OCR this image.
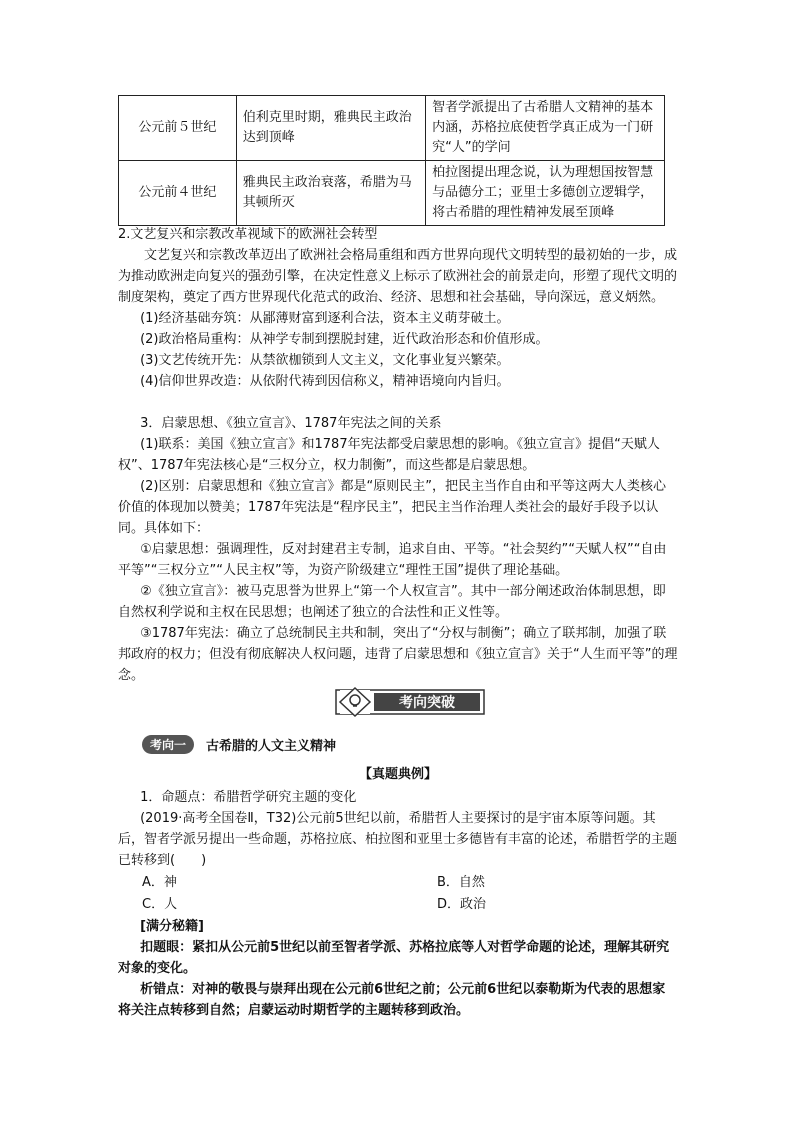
公元前５世纪	伯利克里时期，雅典民主政治达到顶峰	智者学派提出了古希腊人文精神的基本内涵，苏格拉底使哲学真正成为一门研究“人”的学问
公元前４世纪	雅典民主政治衰落，希腊为马其顿所灭	柏拉图提出理念说，认为理想国按智慧与品德分工；亚里士多德创立逻辑学，将古希腊的理性精神发展至顶峰

2.文艺复兴和宗教改革视域下的欧洲社会转型

文艺复兴和宗教改革迈出了欧洲社会格局重组和西方世界向现代文明转型的最初始的一步，成为推动欧洲走向复兴的强劲引擎，在决定性意义上标示了欧洲社会的前景走向，形塑了现代文明的制度架构，奠定了西方世界现代化范式的政治、经济、思想和社会基础，导向深远，意义炳然。

(1)经济基础夯筑：从鄙薄财富到逐利合法，资本主义萌芽破土。

(2)政治格局重构：从神学专制到摆脱封建，近代政治形态和价值形成。

(3)文艺传统开先：从禁欲枷锁到人文主义，文化事业复兴繁荣。

(4)信仰世界改造：从依附代祷到因信称义，精神语境向内旨归。

3．启蒙思想、《独立宣言》、1787年宪法之间的关系

(1)联系：美国《独立宣言》和1787年宪法都受启蒙思想的影响。《独立宣言》提倡“天赋人权”、1787年宪法核心是“三权分立，权力制衡”，而这些都是启蒙思想。

(2)区别：启蒙思想和《独立宣言》都是“原则民主”，把民主当作自由和平等这两大人类核心价值的体现加以赞美；1787年宪法是“程序民主”，把民主当作治理人类社会的最好手段予以认同。具体如下：

①启蒙思想：强调理性，反对封建君主专制，追求自由、平等。“社会契约”“天赋人权”“自由平等”“三权分立”“人民主权”等，为资产阶级建立“理性王国”提供了理论基础。

②《独立宣言》：被马克思誉为世界上“第一个人权宣言”。其中一部分阐述政治体制思想，即自然权利学说和主权在民思想；也阐述了独立的合法性和正义性等。

③1787年宪法：确立了总统制民主共和制，突出了“分权与制衡”；确立了联邦制，加强了联邦政府的权力；但没有彻底解决人权问题，违背了启蒙思想和《独立宣言》关于“人生而平等”的理念。

考向突破
考向一	古希腊的人文主义精神
【真题典例】

1．命题点：希腊哲学研究主题的变化

(2019·高考全国卷Ⅱ，T32)公元前5世纪以前，希腊哲人主要探讨的是宇宙本原等问题。其后，智者学派另提出一些命题，苏格拉底、柏拉图和亚里士多德皆有丰富的论述，希腊哲学的主题已转移到(　　)

A．神	B．自然
C．人	D．政治

[满分秘籍]

扣题眼：紧扣从公元前5世纪以前至智者学派、苏格拉底等人对哲学命题的论述，理解其研究对象的变化。

析错点：对神的敬畏与崇拜出现在公元前6世纪之前；公元前6世纪以泰勒斯为代表的思想家将关注点转移到自然；启蒙运动时期哲学的主题转移到政治。
